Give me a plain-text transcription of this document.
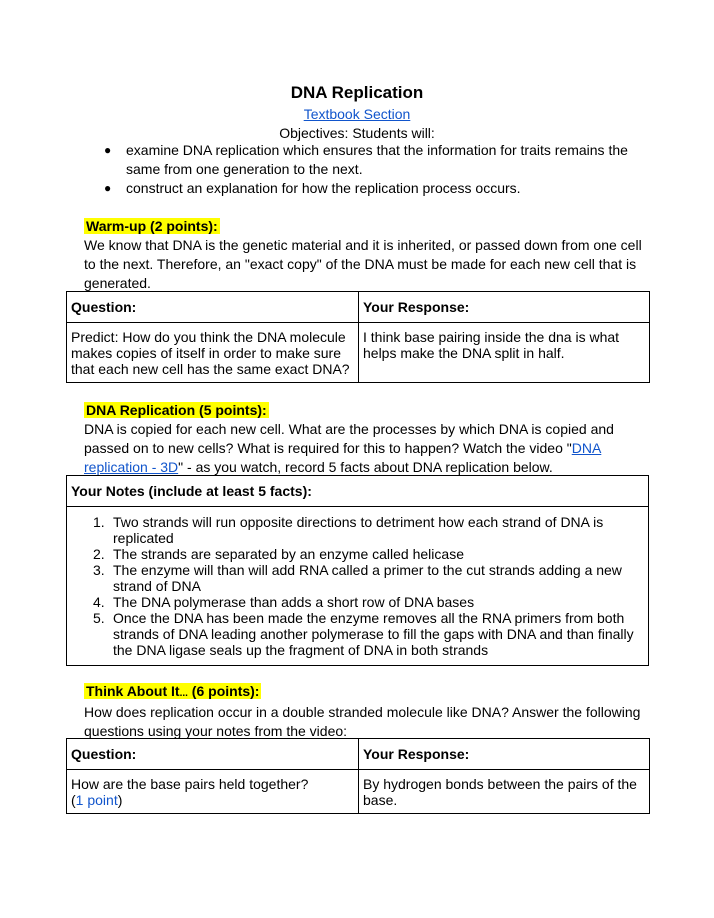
DNA Replication
Textbook Section
Objectives: Students will:
● examine DNA replication which ensures that the information for traits remains the same from one generation to the next.
● construct an explanation for how the replication process occurs.
Warm-up (2 points):

We know that DNA is the genetic material and it is inherited, or passed down from one cell to the next. Therefore, an "exact copy" of the DNA must be made for each new cell that is generated.

Question:	Your Response:
Predict: How do you think the DNA molecule makes copies of itself in order to make sure that each new cell has the same exact DNA?	I think base pairing inside the dna is what helps make the DNA split in half.
DNA Replication (5 points):

DNA is copied for each new cell. What are the processes by which DNA is copied and passed on to new cells? What is required for this to happen? Watch the video "DNA replication - 3D" - as you watch, record 5 facts about DNA replication below.

Your Notes (include at least 5 facts):

1. Two strands will run opposite directions to detriment how each strand of DNA is replicated
2. The strands are separated by an enzyme called helicase
3. The enzyme will than will add RNA called a primer to the cut strands adding a new strand of DNA
4. The DNA polymerase than adds a short row of DNA bases
5. Once the DNA has been made the enzyme removes all the RNA primers from both strands of DNA leading another polymerase to fill the gaps with DNA and than finally the DNA ligase seals up the fragment of DNA in both strands
Think About It... (6 points):

How does replication occur in a double stranded molecule like DNA? Answer the following questions using your notes from the video:

Question:	Your Response:
How are the base pairs held together?
(1 point)	By hydrogen bonds between the pairs of the base.
